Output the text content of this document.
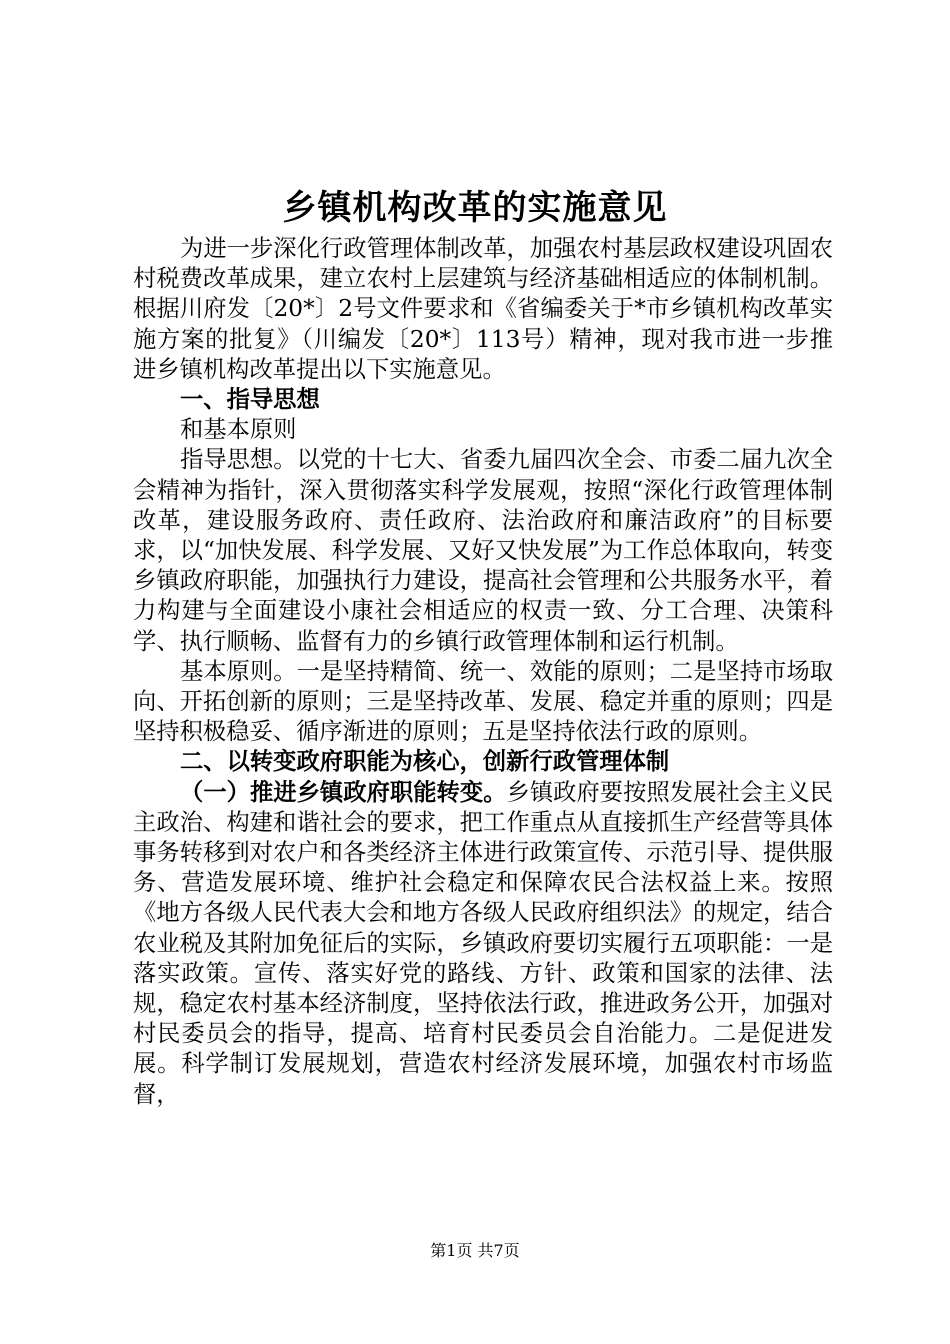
乡镇机构改革的实施意见

为进一步深化行政管理体制改革，加强农村基层政权建设巩固农村税费改革成果，建立农村上层建筑与经济基础相适应的体制机制。根据川府发〔20*〕2号文件要求和《省编委关于*市乡镇机构改革实施方案的批复》（川编发〔20*〕113号）精神，现对我市进一步推进乡镇机构改革提出以下实施意见。

一、指导思想

和基本原则

指导思想。以党的十七大、省委九届四次全会、市委二届九次全会精神为指针，深入贯彻落实科学发展观，按照“深化行政管理体制改革，建设服务政府、责任政府、法治政府和廉洁政府”的目标要求，以“加快发展、科学发展、又好又快发展”为工作总体取向，转变乡镇政府职能，加强执行力建设，提高社会管理和公共服务水平，着力构建与全面建设小康社会相适应的权责一致、分工合理、决策科学、执行顺畅、监督有力的乡镇行政管理体制和运行机制。

基本原则。一是坚持精简、统一、效能的原则；二是坚持市场取向、开拓创新的原则；三是坚持改革、发展、稳定并重的原则；四是坚持积极稳妥、循序渐进的原则；五是坚持依法行政的原则。

二、以转变政府职能为核心，创新行政管理体制

（一）推进乡镇政府职能转变。乡镇政府要按照发展社会主义民主政治、构建和谐社会的要求，把工作重点从直接抓生产经营等具体事务转移到对农户和各类经济主体进行政策宣传、示范引导、提供服务、营造发展环境、维护社会稳定和保障农民合法权益上来。按照《地方各级人民代表大会和地方各级人民政府组织法》的规定，结合农业税及其附加免征后的实际，乡镇政府要切实履行五项职能：一是落实政策。宣传、落实好党的路线、方针、政策和国家的法律、法规，稳定农村基本经济制度，坚持依法行政，推进政务公开，加强对村民委员会的指导，提高、培育村民委员会自治能力。二是促进发展。科学制订发展规划，营造农村经济发展环境，加强农村市场监督，

第1页 共7页
